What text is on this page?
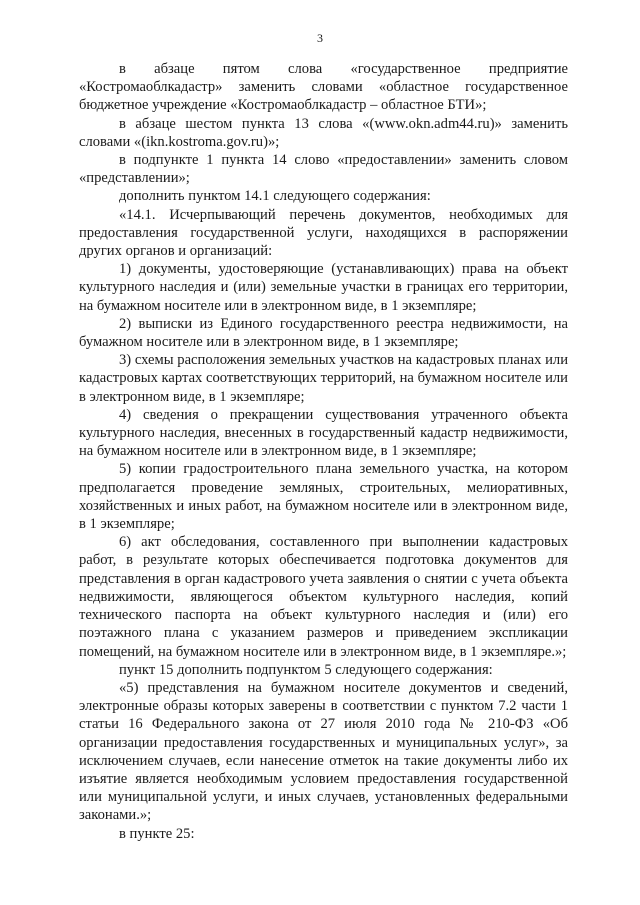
3

в абзаце пятом слова «государственное предприятие «Костромаоблкадастр» заменить словами «областное государственное бюджетное учреждение «Костромаоблкадастр – областное БТИ»;

в абзаце шестом пункта 13 слова «(www.okn.adm44.ru)» заменить словами «(ikn.kostroma.gov.ru)»;

в подпункте 1 пункта 14 слово «предоставлении» заменить словом «представлении»;

дополнить пунктом 14.1 следующего содержания:

«14.1. Исчерпывающий перечень документов, необходимых для предоставления государственной услуги, находящихся в распоряжении других органов и организаций:

1) документы, удостоверяющие (устанавливающих) права на объект культурного наследия и (или) земельные участки в границах его территории, на бумажном носителе или в электронном виде, в 1 экземпляре;

2) выписки из Единого государственного реестра недвижимости, на бумажном носителе или в электронном виде, в 1 экземпляре;

3) схемы расположения земельных участков на кадастровых планах или кадастровых картах соответствующих территорий, на бумажном носителе или в электронном виде, в 1 экземпляре;

4) сведения о прекращении существования утраченного объекта культурного наследия, внесенных в государственный кадастр недвижимости, на бумажном носителе или в электронном виде, в 1 экземпляре;

5) копии градостроительного плана земельного участка, на котором предполагается проведение земляных, строительных, мелиоративных, хозяйственных и иных работ, на бумажном носителе или в электронном виде, в 1 экземпляре;

6) акт обследования, составленного при выполнении кадастровых работ, в результате которых обеспечивается подготовка документов для представления в орган кадастрового учета заявления о снятии с учета объекта недвижимости, являющегося объектом культурного наследия, копий технического паспорта на объект культурного наследия и (или) его поэтажного плана с указанием размеров и приведением экспликации помещений, на бумажном носителе или в электронном виде, в 1 экземпляре.»;

пункт 15 дополнить подпунктом 5 следующего содержания:

«5) представления на бумажном носителе документов и сведений, электронные образы которых заверены в соответствии с пунктом 7.2 части 1 статьи 16 Федерального закона от 27 июля 2010 года № 210-ФЗ «Об организации предоставления государственных и муниципальных услуг», за исключением случаев, если нанесение отметок на такие документы либо их изъятие является необходимым условием предоставления государственной или муниципальной услуги, и иных случаев, установленных федеральными законами.»;

в пункте 25:
